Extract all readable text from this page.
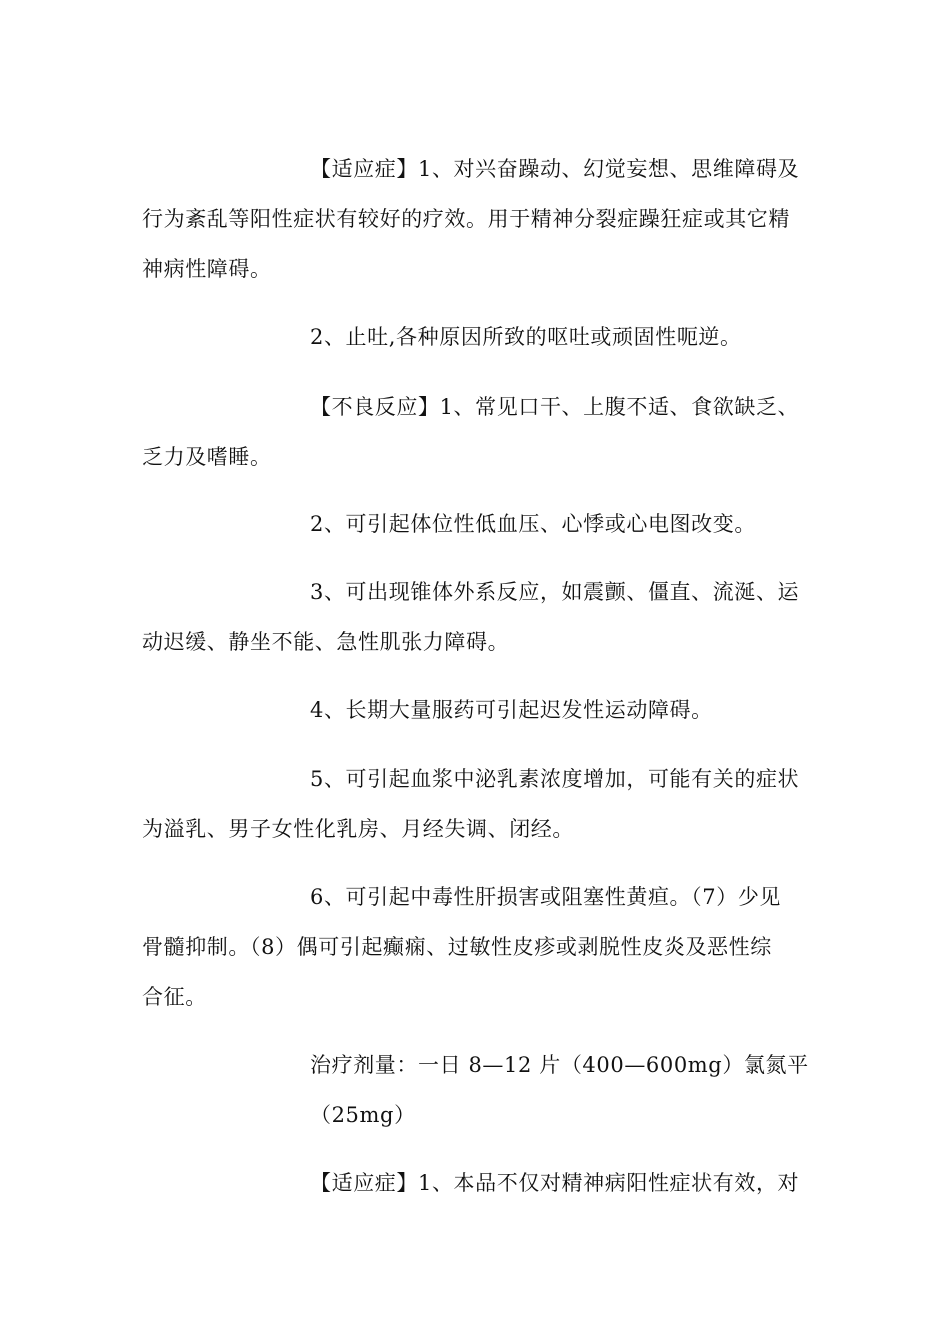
【适应症】1、对兴奋躁动、幻觉妄想、思维障碍及
行为紊乱等阳性症状有较好的疗效。用于精神分裂症躁狂症或其它精
神病性障碍。
2、止吐,各种原因所致的呕吐或顽固性呃逆。
【不良反应】1、常见口干、上腹不适、食欲缺乏、
乏力及嗜睡。
2、可引起体位性低血压、心悸或心电图改变。
3、可出现锥体外系反应，如震颤、僵直、流涎、运
动迟缓、静坐不能、急性肌张力障碍。
4、长期大量服药可引起迟发性运动障碍。
5、可引起血浆中泌乳素浓度增加，可能有关的症状
为溢乳、男子女性化乳房、月经失调、闭经。
6、可引起中毒性肝损害或阻塞性黄疸。（7）少见
骨髓抑制。（8）偶可引起癫痫、过敏性皮疹或剥脱性皮炎及恶性综
合征。
治疗剂量：一日 8—12 片（400—600mg）氯氮平
（25mg）
【适应症】1、本品不仅对精神病阳性症状有效，对
